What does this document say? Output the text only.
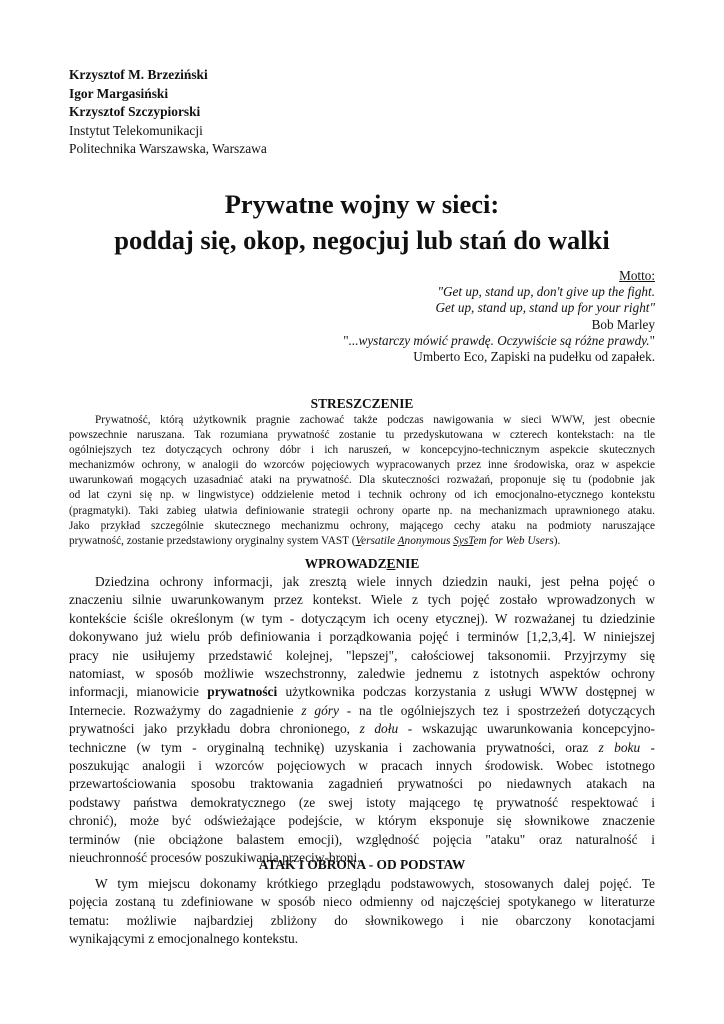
Krzysztof M. Brzeziński
Igor Margasiński
Krzysztof Szczypiorski
Instytut Telekomunikacji
Politechnika Warszawska, Warszawa
Prywatne wojny w sieci:
poddaj się, okop, negocjuj lub stań do walki
Motto:
"Get up, stand up, don't give up the fight.
Get up, stand up, stand up for your right"
Bob Marley
"...wystarczy mówić prawdę. Oczywiście są różne prawdy."
Umberto Eco, Zapiski na pudełku od zapałek.
STRESZCZENIE
Prywatność, którą użytkownik pragnie zachować także podczas nawigowania w sieci WWW, jest obecnie
powszechnie naruszana. Tak rozumiana prywatność zostanie tu przedyskutowana w czterech kontekstach: na tle
ogólniejszych tez dotyczących ochrony dóbr i ich naruszeń, w koncepcyjno-technicznym aspekcie skutecznych
mechanizmów ochrony, w analogii do wzorców pojęciowych wypracowanych przez inne środowiska, oraz w aspekcie
uwarunkowań mogących uzasadniać ataki na prywatność. Dla skuteczności rozważań, proponuje się tu (podobnie jak
od lat czyni się np. w lingwistyce) oddzielenie metod i technik ochrony od ich emocjonalno-etycznego kontekstu
(pragmatyki). Taki zabieg ułatwia definiowanie strategii ochrony oparte np. na mechanizmach uprawnionego ataku.
Jako przykład szczególnie skutecznego mechanizmu ochrony, mającego cechy ataku na podmioty naruszające
prywatność, zostanie przedstawiony oryginalny system VAST (Versatile Anonymous SysTem for Web Users).
WPROWADZENIE
Dziedzina ochrony informacji, jak zresztą wiele innych dziedzin nauki, jest pełna pojęć o
znaczeniu silnie uwarunkowanym przez kontekst. Wiele z tych pojęć zostało wprowadzonych w
kontekście ściśle określonym (w tym - dotyczącym ich oceny etycznej). W rozważanej tu dziedzinie
dokonywano już wielu prób definiowania i porządkowania pojęć i terminów [1,2,3,4]. W niniejszej
pracy nie usiłujemy przedstawić kolejnej, "lepszej", całościowej taksonomii. Przyjrzymy się
natomiast, w sposób możliwie wszechstronny, zaledwie jednemu z istotnych aspektów ochrony
informacji, mianowicie prywatności użytkownika podczas korzystania z usługi WWW dostępnej w
Internecie. Rozważymy do zagadnienie z góry - na tle ogólniejszych tez i spostrzeżeń dotyczących
prywatności jako przykładu dobra chronionego, z dołu - wskazując uwarunkowania koncepcyjno-
techniczne (w tym - oryginalną technikę) uzyskania i zachowania prywatności, oraz z boku -
poszukując analogii i wzorców pojęciowych w pracach innych środowisk. Wobec istotnego
przewartościowania sposobu traktowania zagadnień prywatności po niedawnych atakach na
podstawy państwa demokratycznego (ze swej istoty mającego tę prywatność respektować i
chronić), może być odświeżające podejście, w którym eksponuje się słownikowe znaczenie
terminów (nie obciążone balastem emocji), względność pojęcia "ataku" oraz naturalność i
nieuchronność procesów poszukiwania przeciw-broni.
ATAK I OBRONA - OD PODSTAW
W tym miejscu dokonamy krótkiego przeglądu podstawowych, stosowanych dalej pojęć. Te
pojęcia zostaną tu zdefiniowane w sposób nieco odmienny od najczęściej spotykanego w literaturze
tematu: możliwie najbardziej zbliżony do słownikowego i nie obarczony konotacjami
wynikającymi z emocjonalnego kontekstu.
